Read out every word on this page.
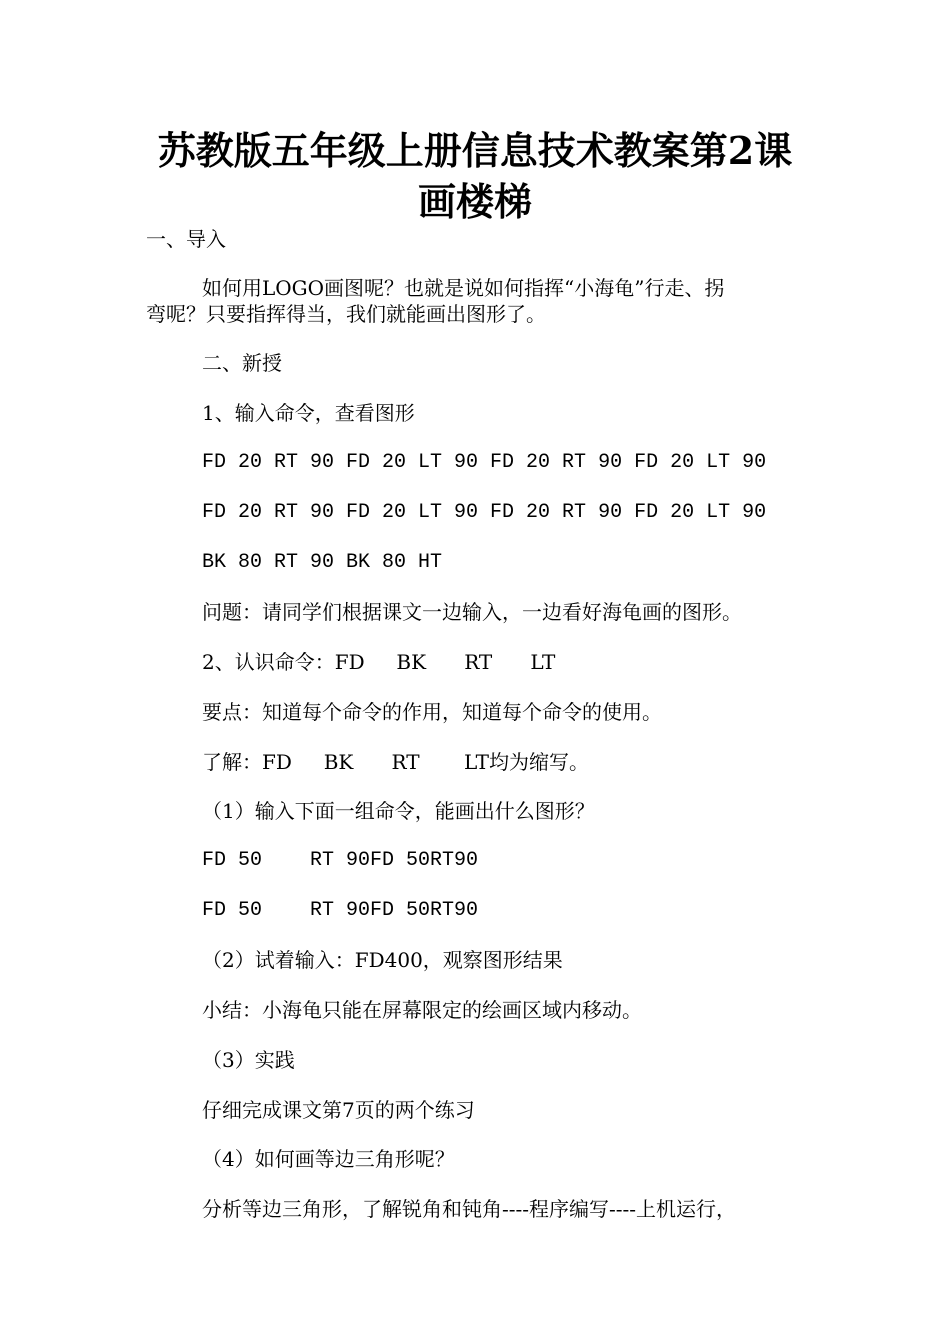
苏教版五年级上册信息技术教案第2课
画楼梯
一、导入
如何用LOGO画图呢？也就是说如何指挥“小海龟”行走、拐
弯呢？只要指挥得当，我们就能画出图形了。
二、新授
1、输入命令，查看图形
FD 20 RT 90 FD 20 LT 90 FD 20 RT 90 FD 20 LT 90
FD 20 RT 90 FD 20 LT 90 FD 20 RT 90 FD 20 LT 90
BK 80 RT 90 BK 80 HT
问题：请同学们根据课文一边输入，一边看好海龟画的图形。
2、认识命令：FD     BK      RT      LT
要点：知道每个命令的作用，知道每个命令的使用。
了解：FD     BK      RT       LT均为缩写。
（1）输入下面一组命令，能画出什么图形？
FD 50    RT 90FD 50RT90
FD 50    RT 90FD 50RT90
（2）试着输入：FD400，观察图形结果
小结：小海龟只能在屏幕限定的绘画区域内移动。
（3）实践
仔细完成课文第7页的两个练习
（4）如何画等边三角形呢？
分析等边三角形，了解锐角和钝角----程序编写----上机运行，
